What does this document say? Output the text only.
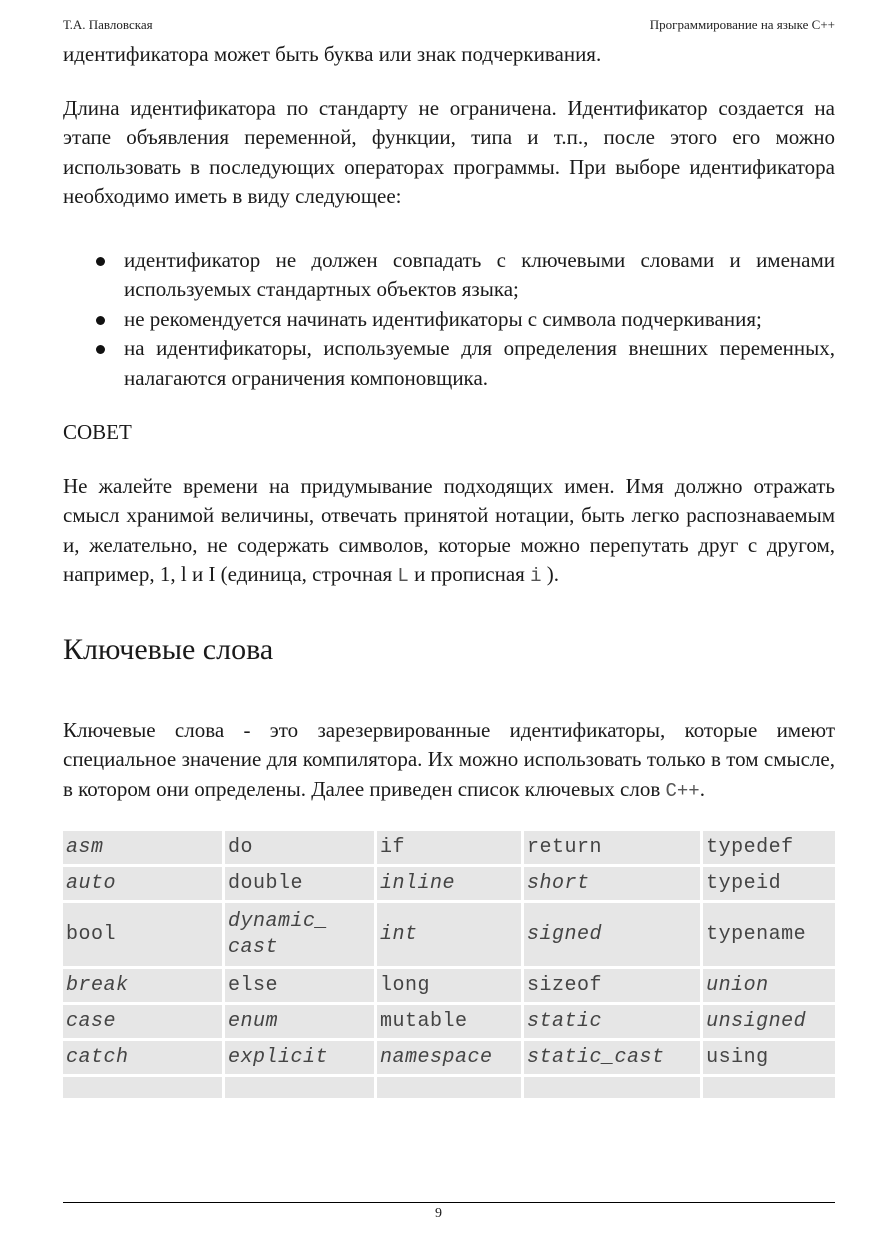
Т.А. Павловская	Программирование на языке C++

идентификатора может быть буква или знак подчеркивания.

Длина идентификатора по стандарту не ограничена. Идентификатор создается на этапе объявления переменной, функции, типа и т.п., после этого его можно использовать в последующих операторах программы. При выборе идентификатора необходимо иметь в виду следующее:

идентификатор не должен совпадать с ключевыми словами и именами используемых стандартных объектов языка;
не рекомендуется начинать идентификаторы с символа подчеркивания;
на идентификаторы, используемые для определения внешних переменных, налагаются ограничения компоновщика.

СОВЕТ

Не жалейте времени на придумывание подходящих имен. Имя должно отражать смысл хранимой величины, отвечать принятой нотации, быть легко распознаваемым и, желательно, не содержать символов, которые можно перепутать друг с другом, например, 1, l и I (единица, строчная L и прописная i ).

Ключевые слова

Ключевые слова - это зарезервированные идентификаторы, которые имеют специальное значение для компилятора. Их можно использовать только в том смысле, в котором они определены. Далее приведен список ключевых слов C++.

asm	do	if	return	typedef
auto	double	inline	short	typeid
bool	dynamic_ cast	int	signed	typename
break	else	long	sizeof	union
case	enum	mutable	static	unsigned
catch	explicit	namespace	static_cast	using

9
